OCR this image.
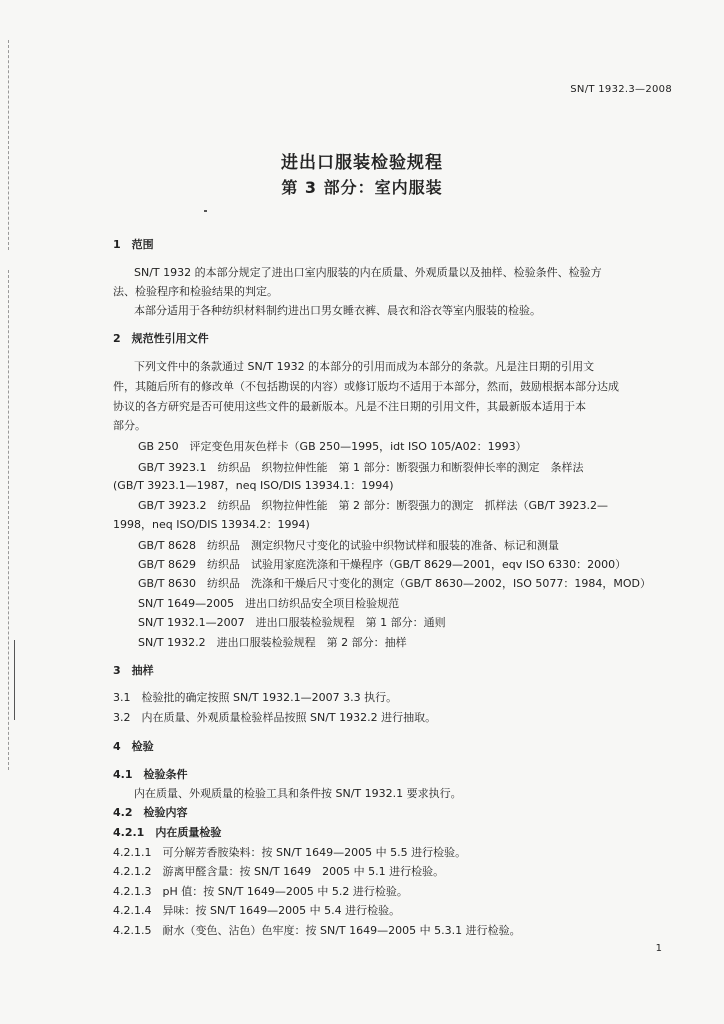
SN/T 1932.3—2008
进出口服装检验规程
第 3 部分：室内服装
1　范围
SN/T 1932 的本部分规定了进出口室内服装的内在质量、外观质量以及抽样、检验条件、检验方
法、检验程序和检验结果的判定。
本部分适用于各种纺织材料制约进出口男女睡衣裤、晨衣和浴衣等室内服装的检验。
2　规范性引用文件
下列文件中的条款通过 SN/T 1932 的本部分的引用而成为本部分的条款。凡是注日期的引用文
件，其随后所有的修改单（不包括勘误的内容）或修订版均不适用于本部分，然而，鼓励根据本部分达成
协议的各方研究是否可使用这些文件的最新版本。凡是不注日期的引用文件，其最新版本适用于本
部分。
GB 250　评定变色用灰色样卡（GB 250—1995，idt ISO 105/A02：1993）
GB/T 3923.1　纺织品　织物拉伸性能　第 1 部分：断裂强力和断裂伸长率的测定　条样法
(GB/T 3923.1—1987，neq ISO/DIS 13934.1：1994)
GB/T 3923.2　纺织品　织物拉伸性能　第 2 部分：断裂强力的测定　抓样法（GB/T 3923.2—
1998，neq ISO/DIS 13934.2：1994)
GB/T 8628　纺织品　测定织物尺寸变化的试验中织物试样和服装的准备、标记和测量
GB/T 8629　纺织品　试验用家庭洗涤和干燥程序（GB/T 8629—2001，eqv ISO 6330：2000）
GB/T 8630　纺织品　洗涤和干燥后尺寸变化的测定（GB/T 8630—2002，ISO 5077：1984，MOD）
SN/T 1649—2005　进出口纺织品安全项目检验规范
SN/T 1932.1—2007　进出口服装检验规程　第 1 部分：通则
SN/T 1932.2　进出口服装检验规程　第 2 部分：抽样
3　抽样
3.1　检验批的确定按照 SN/T 1932.1—2007 3.3 执行。
3.2　内在质量、外观质量检验样品按照 SN/T 1932.2 进行抽取。
4　检验
4.1　检验条件
内在质量、外观质量的检验工具和条件按 SN/T 1932.1 要求执行。
4.2　检验内容
4.2.1　内在质量检验
4.2.1.1　可分解芳香胺染料：按 SN/T 1649—2005 中 5.5 进行检验。
4.2.1.2　游离甲醛含量：按 SN/T 1649　2005 中 5.1 进行检验。
4.2.1.3　pH 值：按 SN/T 1649—2005 中 5.2 进行检验。
4.2.1.4　异味：按 SN/T 1649—2005 中 5.4 进行检验。
4.2.1.5　耐水（变色、沾色）色牢度：按 SN/T 1649—2005 中 5.3.1 进行检验。
1
